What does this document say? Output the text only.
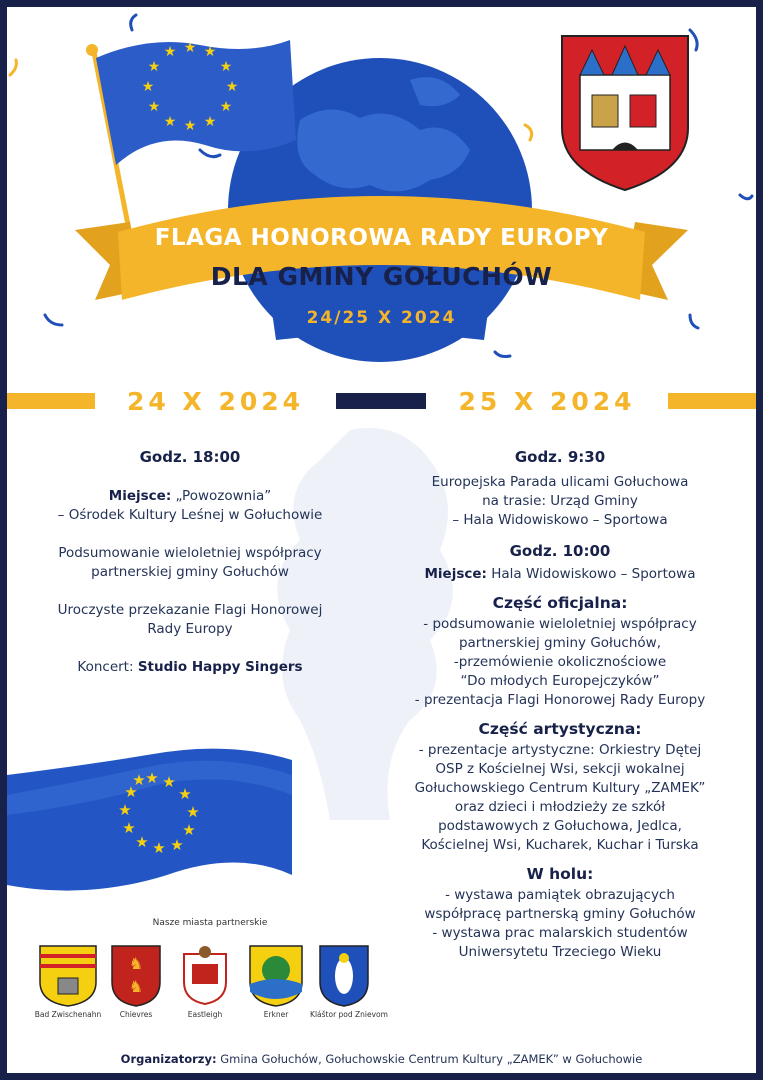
★ ★
★
★
★
★
★
★
★
★
★
★
FLAGA HONOROWA RADY EUROPY
DLA GMINY GOŁUCHÓW
24/25 X 2024
24 X 2024	25 X 2024

Godz. 18:00

Miejsce: „Powozownia”

– Ośrodek Kultury Leśnej w Gołuchowie

Podsumowanie wieloletniej współpracy

partnerskiej gminy Gołuchów

Uroczyste przekazanie Flagi Honorowej

Rady Europy

Koncert: Studio Happy Singers

Godz. 9:30

Europejska Parada ulicami Gołuchowa

na trasie: Urząd Gminy

– Hala Widowiskowo – Sportowa

Godz. 10:00

Miejsce: Hala Widowiskowo – Sportowa

Część oficjalna:

- podsumowanie wieloletniej współpracy

partnerskiej gminy Gołuchów,

-przemówienie okolicznościowe

“Do młodych Europejczyków”

- prezentacja Flagi Honorowej Rady Europy

Część artystyczna:

- prezentacje artystyczne: Orkiestry Dętej

OSP z Kościelnej Wsi, sekcji wokalnej

Gołuchowskiego Centrum Kultury „ZAMEK”

oraz dzieci i młodzieży ze szkół

podstawowych z Gołuchowa, Jedlca,

Kościelnej Wsi, Kucharek, Kuchar i Turska

W holu:

- wystawa pamiątek obrazujących

współpracę partnerską gminy Gołuchów

- wystawa prac malarskich studentów

Uniwersytetu Trzeciego Wieku

★ ★
★
★
★
★
★
★
★
★
★
★
Nasze miasta partnerskie
♞
♞
Bad Zwischenahn	Chievres	Eastleigh	Erkner	Kláštor pod Znievom
Organizatorzy: Gmina Gołuchów, Gołuchowskie Centrum Kultury „ZAMEK” w Gołuchowie
